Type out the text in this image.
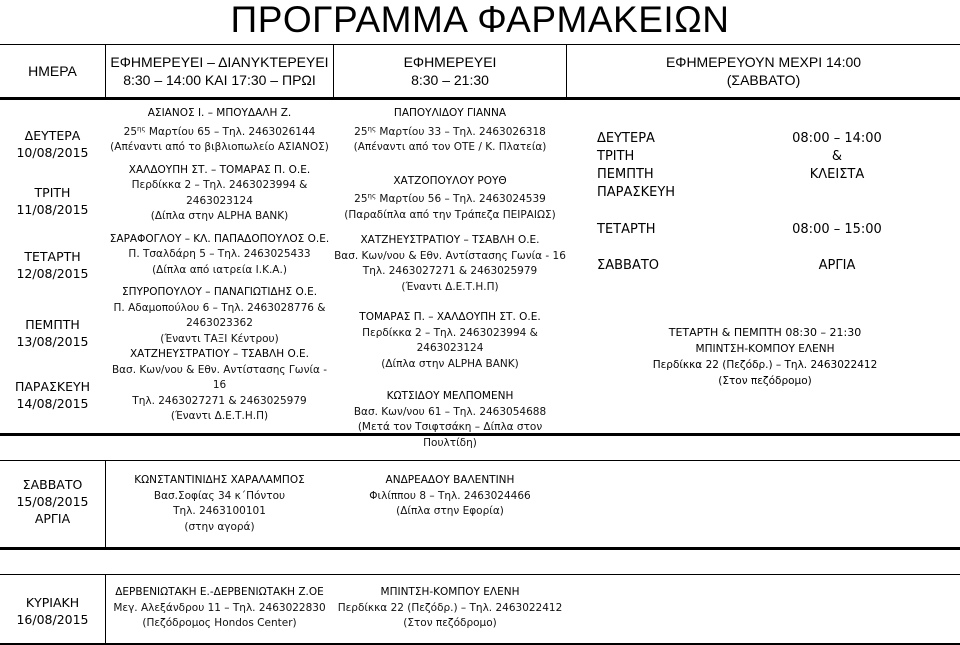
ΠΡΟΓΡΑΜΜΑ ΦΑΡΜΑΚΕΙΩΝ
ΗΜΕΡΑ
ΕΦΗΜΕΡΕΥΕΙ – ΔΙΑΝΥΚΤΕΡΕΥΕΙ
8:30 – 14:00 ΚΑΙ 17:30 – ΠΡΩΙ
ΕΦΗΜΕΡΕΥΕΙ
8:30 – 21:30
ΕΦΗΜΕΡΕΥΟΥΝ ΜΕΧΡΙ 14:00
(ΣΑΒΒΑΤΟ)
ΔΕΥΤΕΡΑ
10/08/2015
ΤΡΙΤΗ
11/08/2015
ΤΕΤΑΡΤΗ
12/08/2015
ΠΕΜΠΤΗ
13/08/2015
ΠΑΡΑΣΚΕΥΗ
14/08/2015
ΑΣΙΑΝΟΣ Ι. – ΜΠΟΥΔΑΛΗ Ζ.
$25^{\eta\varsigma}$ Μαρτίου 65 – Τηλ. 2463026144
(Απέναντι από το βιβλιοπωλείο ΑΣΙΑΝΟΣ)
ΧΑΛΔΟΥΠΗ ΣΤ. – ΤΟΜΑΡΑΣ Π. Ο.Ε.
Περδίκκα 2 – Τηλ. 2463023994 &
2463023124
(Δίπλα στην ALPHA BANK)
ΣΑΡΑΦΟΓΛΟΥ – ΚΛ. ΠΑΠΑΔΟΠΟΥΛΟΣ Ο.Ε.
Π. Τσαλδάρη 5 – Τηλ. 2463025433
(Δίπλα από ιατρεία Ι.Κ.Α.)
ΣΠΥΡΟΠΟΥΛΟΥ – ΠΑΝΑΓΙΩΤΙΔΗΣ Ο.Ε.
Π. Αδαμοπούλου 6 – Τηλ. 2463028776 &
2463023362
(Έναντι ΤΑΞΙ Κέντρου)
ΧΑΤΖΗΕΥΣΤΡΑΤΙΟΥ – ΤΣΑΒΛΗ Ο.Ε.
Βασ. Κων/νου & Εθν. Αντίστασης Γωνία - 16
Τηλ. 2463027271 & 2463025979
(Έναντι Δ.Ε.Τ.Η.Π)
ΠΑΠΟΥΛΙΔΟΥ ΓΙΑΝΝΑ
$25^{\eta\varsigma}$ Μαρτίου 33 – Τηλ. 2463026318
(Απέναντι από τον ΟΤΕ / Κ. Πλατεία)
ΧΑΤΖΟΠΟΥΛΟΥ ΡΟΥΘ
$25^{\eta\varsigma}$ Μαρτίου 56 – Τηλ. 2463024539
(Παραδίπλα από την Τράπεζα ΠΕΙΡΑΙΩΣ)
ΧΑΤΖΗΕΥΣΤΡΑΤΙΟΥ – ΤΣΑΒΛΗ Ο.Ε.
Βασ. Κων/νου & Εθν. Αντίστασης Γωνία - 16
Τηλ. 2463027271 & 2463025979
(Έναντι Δ.Ε.Τ.Η.Π)
ΤΟΜΑΡΑΣ Π. – ΧΑΛΔΟΥΠΗ ΣΤ. Ο.Ε.
Περδίκκα 2 – Τηλ. 2463023994 & 2463023124
(Δίπλα στην ALPHA BANK)
ΚΩΤΣΙΔΟΥ ΜΕΛΠΟΜΕΝΗ
Βασ. Κων/νου 61 – Τηλ. 2463054688
(Μετά τον Τσιφτσάκη – Δίπλα στον Πουλτίδη)
ΔΕΥΤΕΡΑ
ΤΡΙΤΗ
ΠΕΜΠΤΗ
ΠΑΡΑΣΚΕΥΗ
08:00 – 14:00
&
ΚΛΕΙΣΤΑ
ΤΕΤΑΡΤΗ	08:00 – 15:00
ΣΑΒΒΑΤΟ	ΑΡΓΙΑ
ΤΕΤΑΡΤΗ & ΠΕΜΠΤΗ 08:30 – 21:30
ΜΠΙΝΤΣΗ-ΚΟΜΠΟΥ ΕΛΕΝΗ
Περδίκκα 22 (Πεζόδρ.) – Τηλ. 2463022412
(Στον πεζόδρομο)
ΣΑΒΒΑΤΟ
15/08/2015
ΑΡΓΙΑ
ΚΩΝΣΤΑΝΤΙΝΙΔΗΣ ΧΑΡΑΛΑΜΠΟΣ
Βασ.Σοφίας 34 κ΄Πόντου
Τηλ. 2463100101
(στην αγορά)
ΑΝΔΡΕΑΔΟΥ ΒΑΛΕΝΤΙΝΗ
Φιλίππου 8 – Τηλ. 2463024466
(Δίπλα στην Εφορία)
ΚΥΡΙΑΚΗ
16/08/2015
ΔΕΡΒΕΝΙΩΤΑΚΗ Ε.-ΔΕΡΒΕΝΙΩΤΑΚΗ Ζ.ΟΕ
Μεγ. Αλεξάνδρου 11 – Τηλ. 2463022830
(Πεζόδρομος Hondos Center)
ΜΠΙΝΤΣΗ-ΚΟΜΠΟΥ ΕΛΕΝΗ
Περδίκκα 22 (Πεζόδρ.) – Τηλ. 2463022412
(Στον πεζόδρομο)
